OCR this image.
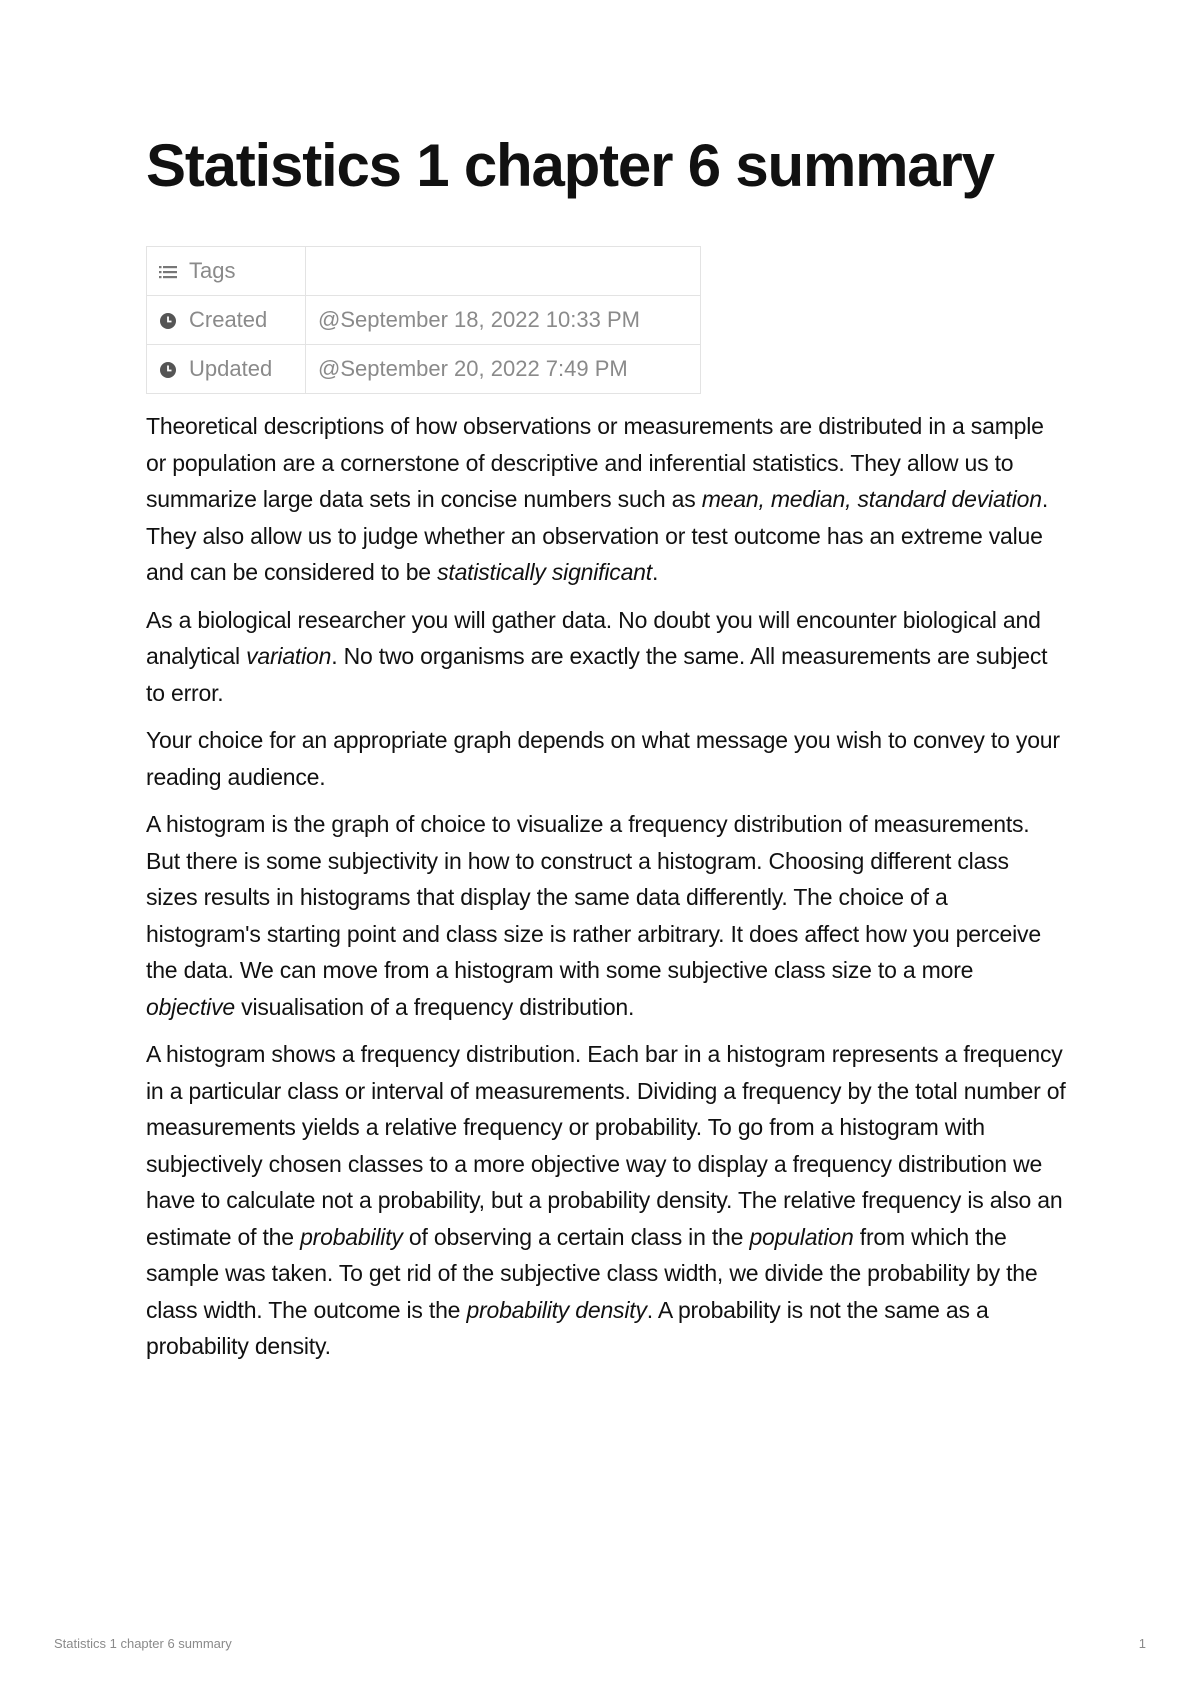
Statistics 1 chapter 6 summary
Tags	

Created	@September 18, 2022 10:33 PM

Updated	@September 20, 2022 7:49 PM

Theoretical descriptions of how observations or measurements are distributed in a sample or population are a cornerstone of descriptive and inferential statistics. They allow us to summarize large data sets in concise numbers such as mean, median, standard deviation. They also allow us to judge whether an observation or test outcome has an extreme value and can be considered to be statistically significant.

As a biological researcher you will gather data. No doubt you will encounter biological and analytical variation. No two organisms are exactly the same. All measurements are subject to error.

Your choice for an appropriate graph depends on what message you wish to convey to your reading audience.

A histogram is the graph of choice to visualize a frequency distribution of measurements. But there is some subjectivity in how to construct a histogram. Choosing different class sizes results in histograms that display the same data differently. The choice of a histogram's starting point and class size is rather arbitrary. It does affect how you perceive the data. We can move from a histogram with some subjective class size to a more objective visualisation of a frequency distribution.

A histogram shows a frequency distribution. Each bar in a histogram represents a frequency in a particular class or interval of measurements. Dividing a frequency by the total number of measurements yields a relative frequency or probability. To go from a histogram with subjectively chosen classes to a more objective way to display a frequency distribution we have to calculate not a probability, but a probability density. The relative frequency is also an estimate of the probability of observing a certain class in the population from which the sample was taken. To get rid of the subjective class width, we divide the probability by the class width. The outcome is the probability density. A probability is not the same as a probability density.

Statistics 1 chapter 6 summary	1
